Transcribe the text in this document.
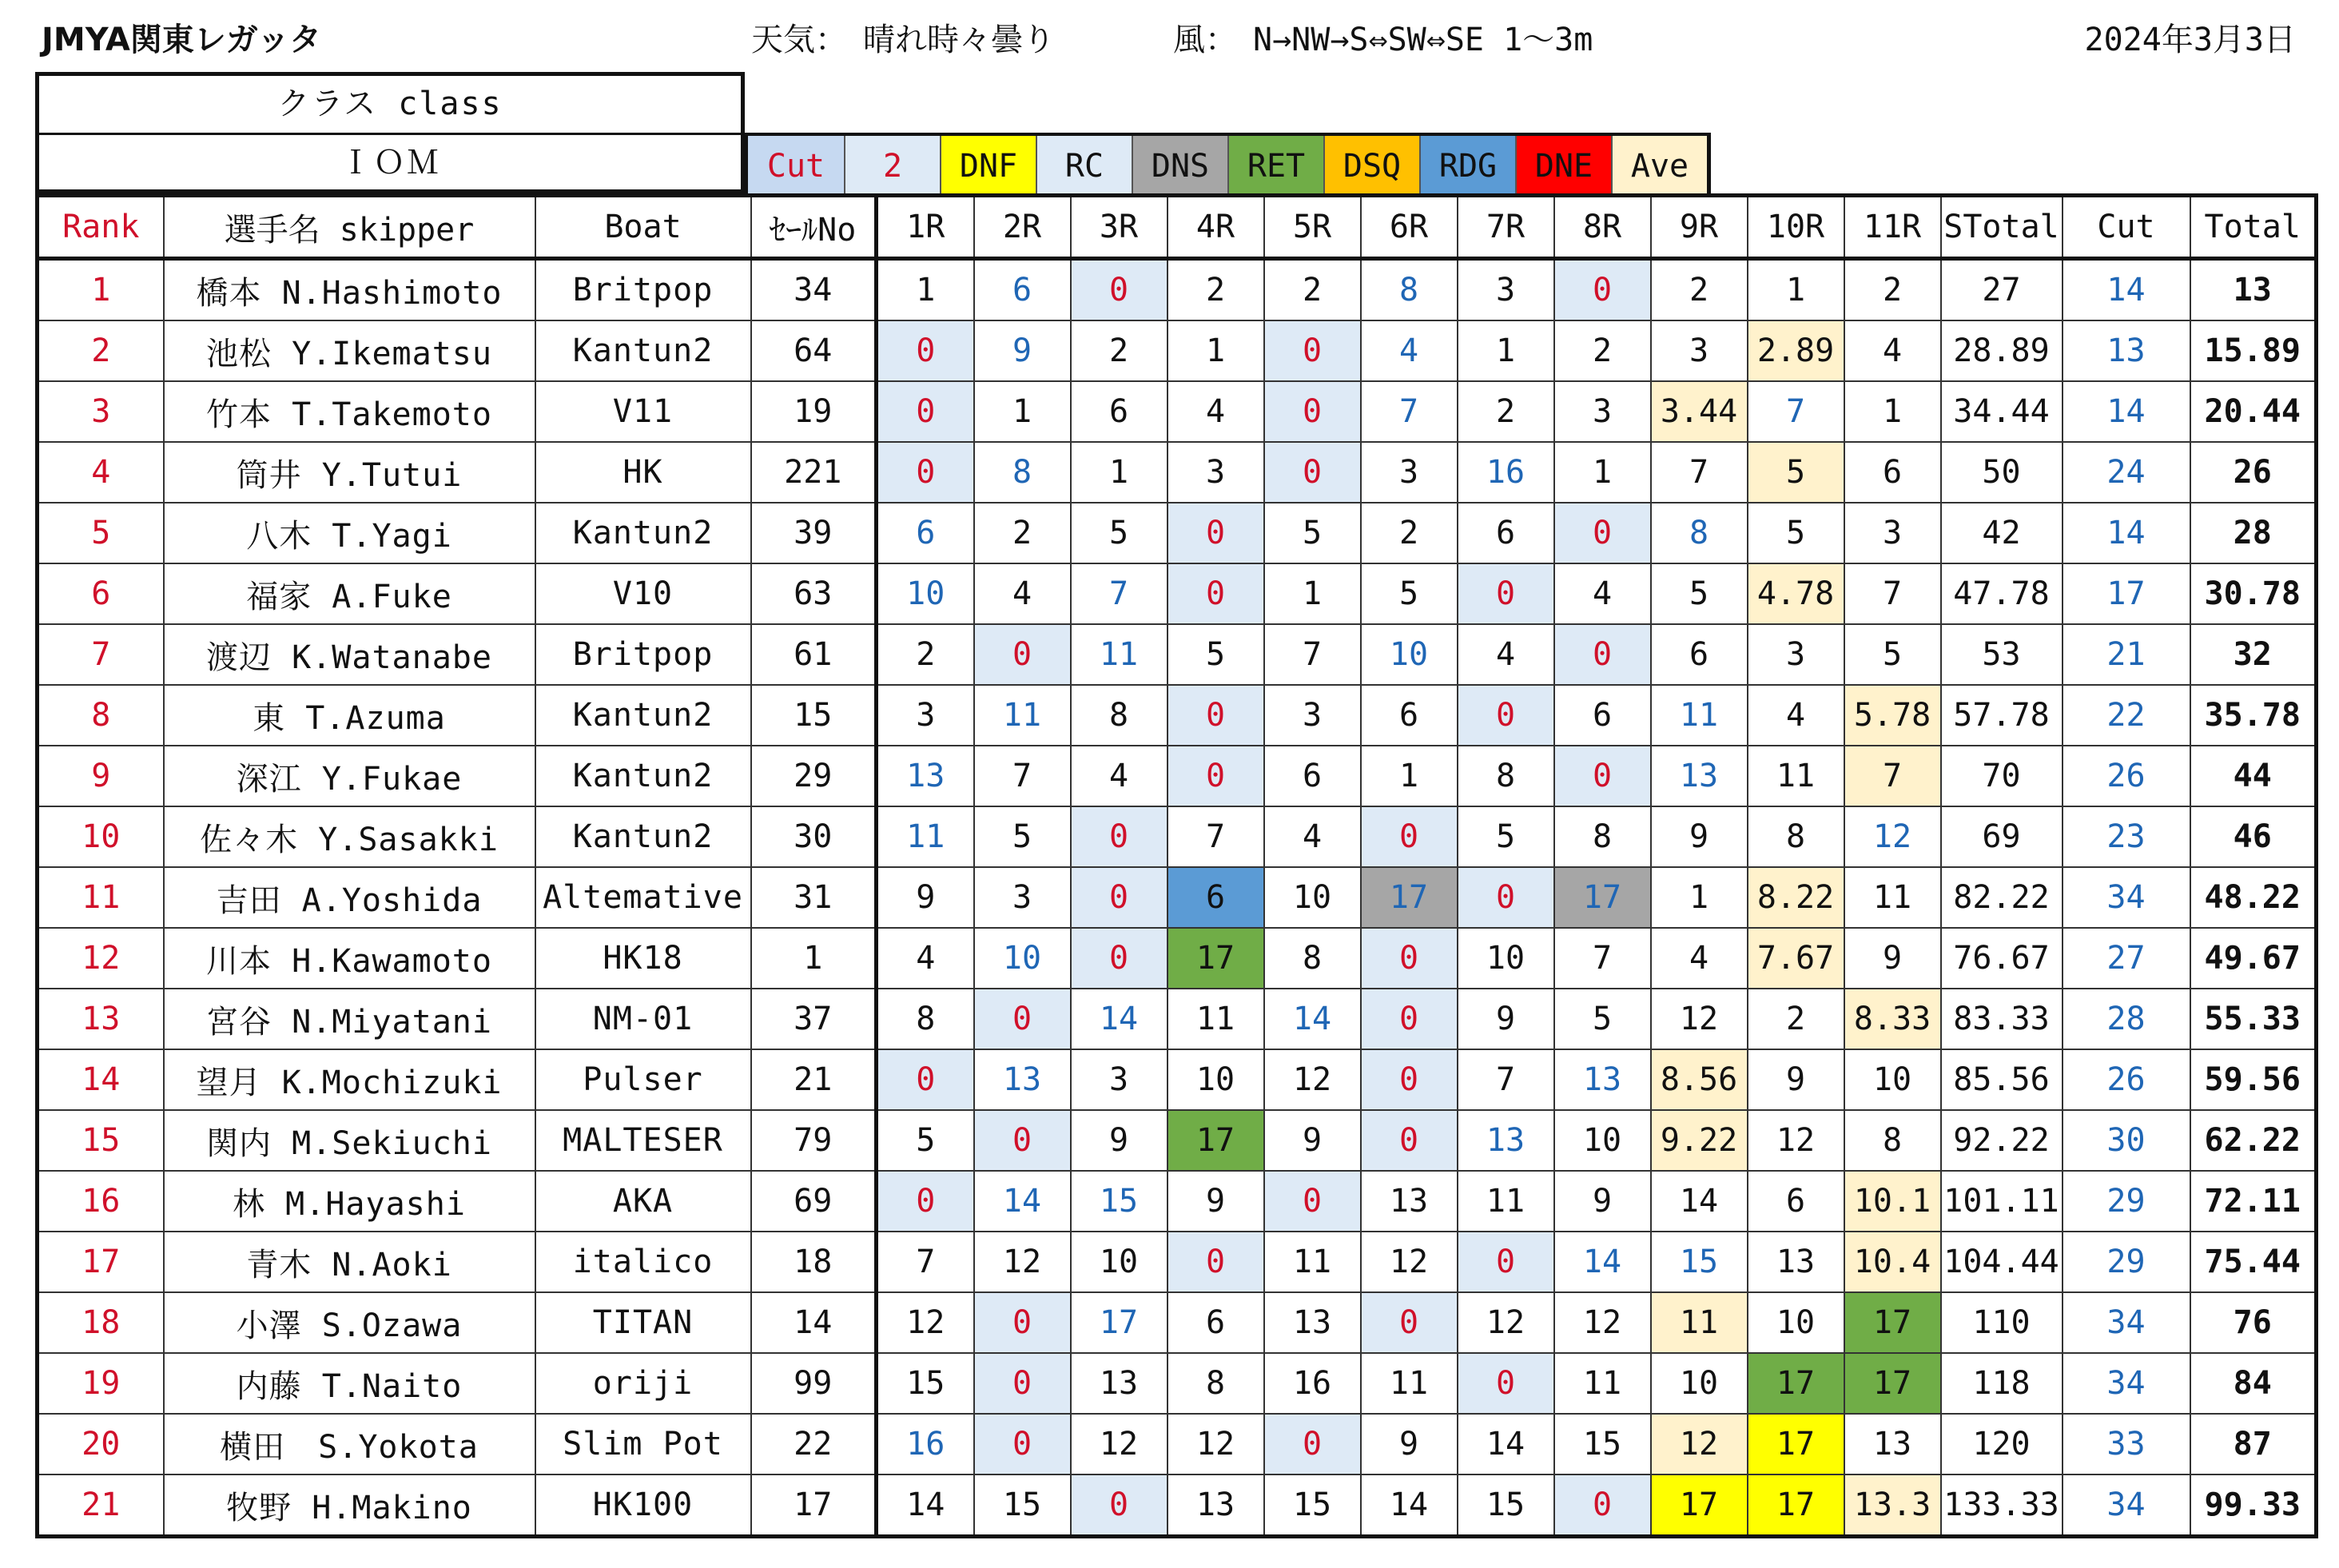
JMYA関東レガッタ	天気：　晴れ時々曇り	風：　N→NW→S⇔SW⇔SE 1～3m	2024年3月3日
クラス class
ＩＯＭ	Cut	2	DNF	RC	DNS	RET	DSQ	RDG	DNE	Ave
Rank	選手名 skipper	Boat	ｾｰﾙNo	1R	2R	3R	4R	5R	6R	7R	8R	9R	10R	11R	STotal	Cut	Total
1	橋本 N.Hashimoto	Britpop	34	1	6	0	2	2	8	3	0	2	1	2	27	14	13
2	池松 Y.Ikematsu	Kantun2	64	0	9	2	1	0	4	1	2	3	2.89	4	28.89	13	15.89
3	竹本 T.Takemoto	V11	19	0	1	6	4	0	7	2	3	3.44	7	1	34.44	14	20.44
4	筒井 Y.Tutui	HK	221	0	8	1	3	0	3	16	1	7	5	6	50	24	26
5	八木 T.Yagi	Kantun2	39	6	2	5	0	5	2	6	0	8	5	3	42	14	28
6	福家 A.Fuke	V10	63	10	4	7	0	1	5	0	4	5	4.78	7	47.78	17	30.78
7	渡辺 K.Watanabe	Britpop	61	2	0	11	5	7	10	4	0	6	3	5	53	21	32
8	東 T.Azuma	Kantun2	15	3	11	8	0	3	6	0	6	11	4	5.78	57.78	22	35.78
9	深江 Y.Fukae	Kantun2	29	13	7	4	0	6	1	8	0	13	11	7	70	26	44
10	佐々木 Y.Sasakki	Kantun2	30	11	5	0	7	4	0	5	8	9	8	12	69	23	46
11	吉田 A.Yoshida	Altemative	31	9	3	0	6	10	17	0	17	1	8.22	11	82.22	34	48.22
12	川本 H.Kawamoto	HK18	1	4	10	0	17	8	0	10	7	4	7.67	9	76.67	27	49.67
13	宮谷 N.Miyatani	NM-01	37	8	0	14	11	14	0	9	5	12	2	8.33	83.33	28	55.33
14	望月 K.Mochizuki	Pulser	21	0	13	3	10	12	0	7	13	8.56	9	10	85.56	26	59.56
15	関内 M.Sekiuchi	MALTESER	79	5	0	9	17	9	0	13	10	9.22	12	8	92.22	30	62.22
16	林 M.Hayashi	AKA	69	0	14	15	9	0	13	11	9	14	6	10.1	101.11	29	72.11
17	青木 N.Aoki	italico	18	7	12	10	0	11	12	0	14	15	13	10.4	104.44	29	75.44
18	小澤 S.Ozawa	TITAN	14	12	0	17	6	13	0	12	12	11	10	17	110	34	76
19	内藤 T.Naito	oriji	99	15	0	13	8	16	11	0	11	10	17	17	118	34	84
20	横田　S.Yokota	Slim Pot	22	16	0	12	12	0	9	14	15	12	17	13	120	33	87
21	牧野 H.Makino	HK100	17	14	15	0	13	15	14	15	0	17	17	13.3	133.33	34	99.33
